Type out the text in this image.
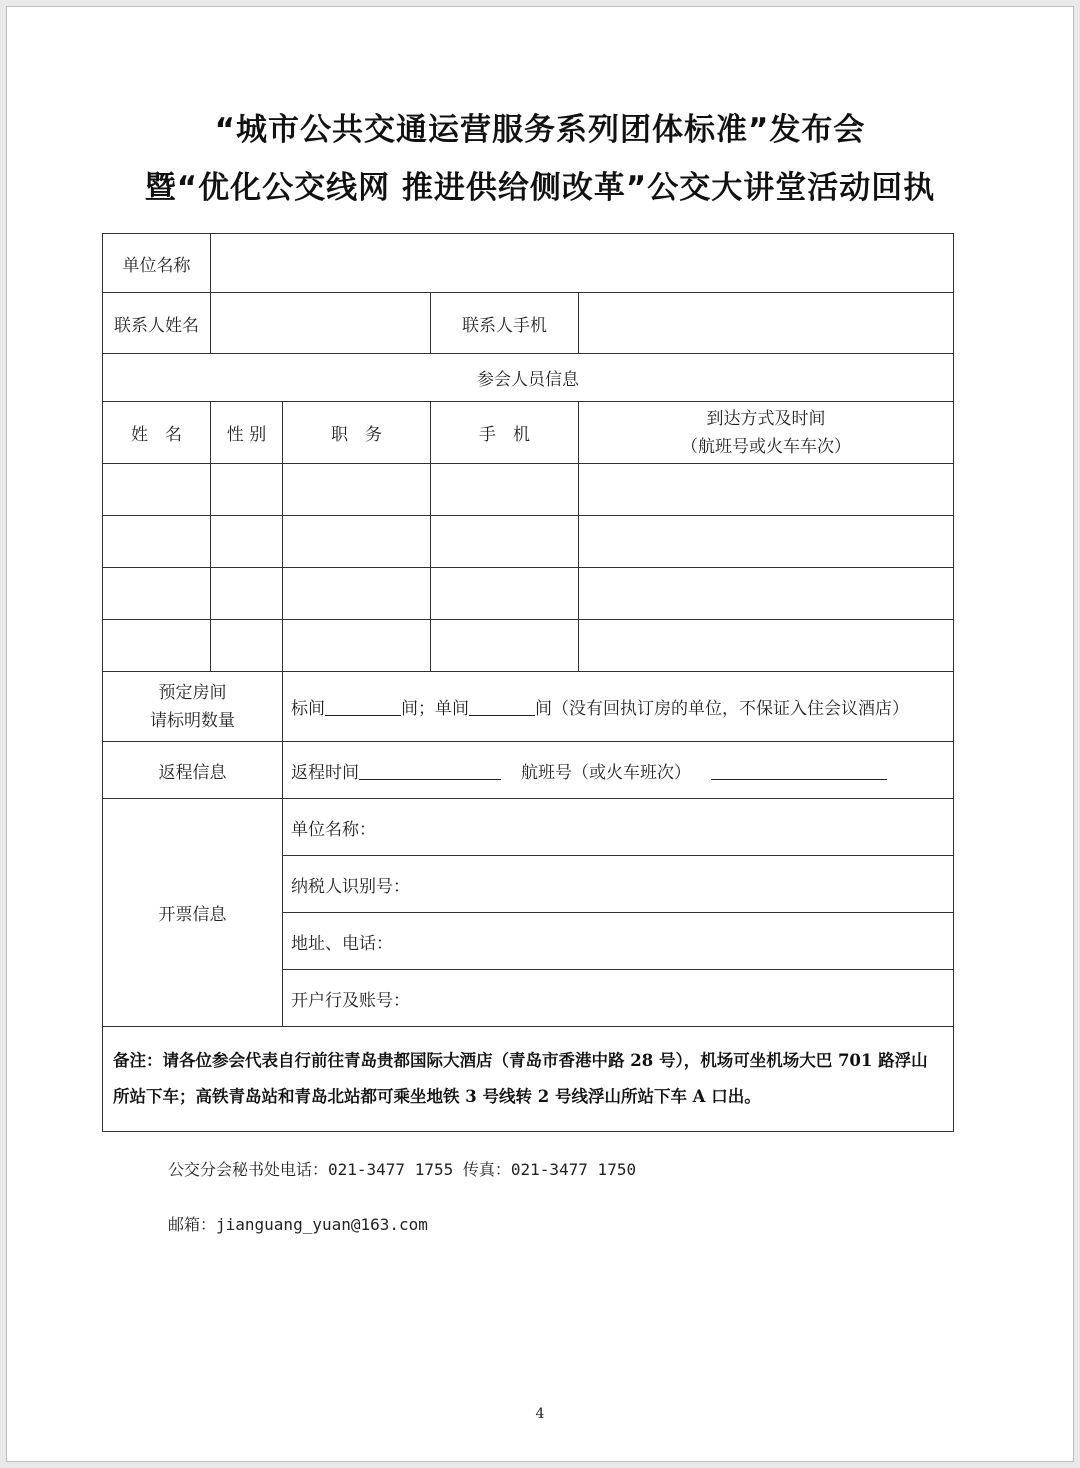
“城市公共交通运营服务系列团体标准”发布会
暨“优化公交线网 推进供给侧改革”公交大讲堂活动回执
单位名称				
联系人姓名			联系人手机	
参会人员信息				
姓　名	性 别	职　务	手　机	到达方式及时间
（航班号或火车车次）

预定房间
请标明数量		标间 间；单间 间（没有回执订房的单位，不保证入住会议酒店）		
返程信息		返程时间 航班号（或火车班次）		
开票信息		单位名称：		
		纳税人识别号：		
		地址、电话：		
		开户行及账号：		
备注：请各位参会代表自行前往青岛贵都国际大酒店（青岛市香港中路 28 号），机场可坐机场大巴 701 路浮山所站下车；高铁青岛站和青岛北站都可乘坐地铁 3 号线转 2 号线浮山所站下车 A 口出。				
公交分会秘书处电话：021-3477 1755 传真：021-3477 1750
邮箱：jianguang_yuan@163.com
4
